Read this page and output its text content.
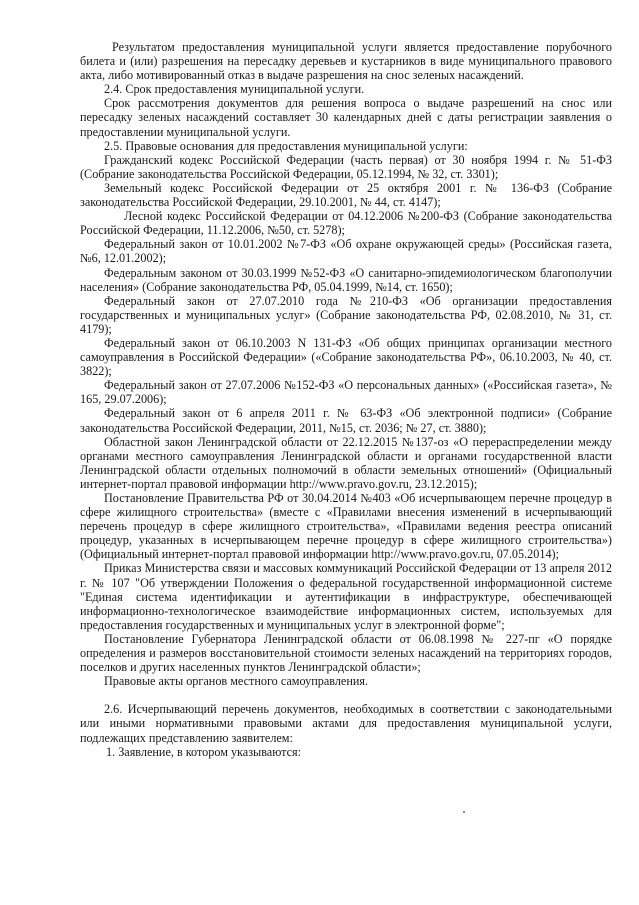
Результатом предоставления муниципальной услуги является предоставление порубочного билета и (или) разрешения на пересадку деревьев и кустарников в виде муниципального правового акта, либо мотивированный отказ в выдаче разрешения на снос зеленых насаждений.

2.4. Срок предоставления муниципальной услуги.

Срок рассмотрения документов для решения вопроса о выдаче разрешений на снос или пересадку зеленых насаждений составляет 30 календарных дней с даты регистрации заявления о предоставлении муниципальной услуги.

2.5. Правовые основания для предоставления муниципальной услуги:

Гражданский кодекс Российской Федерации (часть первая) от 30 ноября 1994 г. № 51-ФЗ (Собрание законодательства Российской Федерации, 05.12.1994, № 32, ст. 3301);

Земельный кодекс Российской Федерации от 25 октября 2001 г. № 136-ФЗ (Собрание законодательства Российской Федерации, 29.10.2001, № 44, ст. 4147);

Лесной кодекс Российской Федерации от 04.12.2006 №200-ФЗ (Собрание законодательства Российской Федерации, 11.12.2006, №50, ст. 5278);

Федеральный закон от 10.01.2002 №7-ФЗ «Об охране окружающей среды» (Российская газета, №6, 12.01.2002);

Федеральным законом от 30.03.1999 №52-ФЗ «О санитарно-эпидемиологическом благополучии населения» (Собрание законодательства РФ, 05.04.1999, №14, ст. 1650);

Федеральный закон от 27.07.2010 года №210-ФЗ «Об организации предоставления государственных и муниципальных услуг» (Собрание законодательства РФ, 02.08.2010, № 31, ст. 4179);

Федеральный закон от 06.10.2003 N 131-ФЗ «Об общих принципах организации местного самоуправления в Российской Федерации» («Собрание законодательства РФ», 06.10.2003, № 40, ст. 3822);

Федеральный закон от 27.07.2006 №152-ФЗ «О персональных данных» («Российская газета», № 165, 29.07.2006);

Федеральный закон от 6 апреля 2011 г. № 63-ФЗ «Об электронной подписи» (Собрание законодательства Российской Федерации, 2011, №15, ст. 2036; № 27, ст. 3880);

Областной закон Ленинградской области от 22.12.2015 №137-оз «О перераспределении между органами местного самоуправления Ленинградской области и органами государственной власти Ленинградской области отдельных полномочий в области земельных отношений» (Официальный интернет-портал правовой информации http://www.pravo.gov.ru, 23.12.2015);

Постановление Правительства РФ от 30.04.2014 №403 «Об исчерпывающем перечне процедур в сфере жилищного строительства» (вместе с «Правилами внесения изменений в исчерпывающий перечень процедур в сфере жилищного строительства», «Правилами ведения реестра описаний процедур, указанных в исчерпывающем перечне процедур в сфере жилищного строительства») (Официальный интернет-портал правовой информации http://www.pravo.gov.ru, 07.05.2014);

Приказ Министерства связи и массовых коммуникаций Российской Федерации от 13 апреля 2012 г. № 107 "Об утверждении Положения о федеральной государственной информационной системе "Единая система идентификации и аутентификации в инфраструктуре, обеспечивающей информационно-технологическое взаимодействие информационных систем, используемых для предоставления государственных и муниципальных услуг в электронной форме";

Постановление Губернатора Ленинградской области от 06.08.1998 № 227-пг «О порядке определения и размеров восстановительной стоимости зеленых насаждений на территориях городов, поселков и других населенных пунктов Ленинградской области»;

Правовые акты органов местного самоуправления.

2.6. Исчерпывающий перечень документов, необходимых в соответствии с законодательными или иными нормативными правовыми актами для предоставления муниципальной услуги, подлежащих представлению заявителем:

1. Заявление, в котором указываются:
